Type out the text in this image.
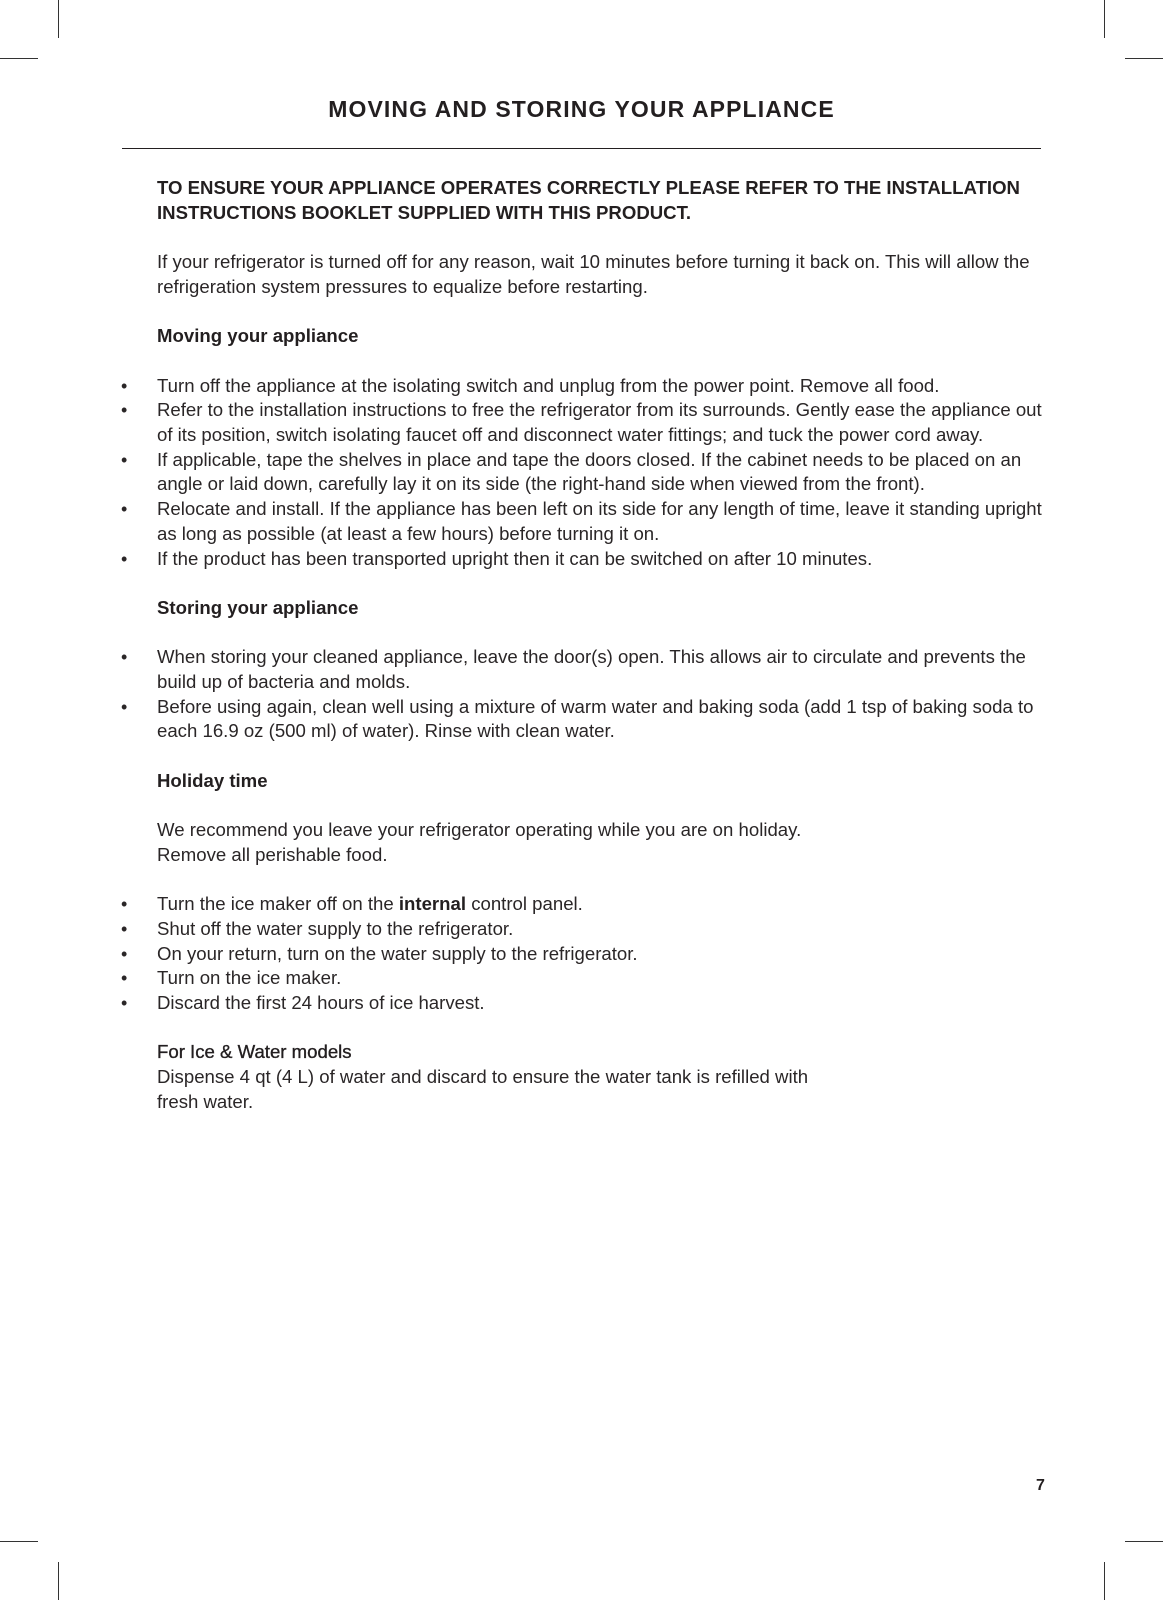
MOVING AND STORING YOUR APPLIANCE

TO ENSURE YOUR APPLIANCE OPERATES CORRECTLY PLEASE REFER TO THE INSTALLATION INSTRUCTIONS BOOKLET SUPPLIED WITH THIS PRODUCT.

If your refrigerator is turned off for any reason, wait 10 minutes before turning it back on. This will allow the refrigeration system pressures to equalize before restarting.

Moving your appliance

• Turn off the appliance at the isolating switch and unplug from the power point. Remove all food.
• Refer to the installation instructions to free the refrigerator from its surrounds. Gently ease the appliance out of its position, switch isolating faucet off and disconnect water fittings; and tuck the power cord away.
• If applicable, tape the shelves in place and tape the doors closed. If the cabinet needs to be placed on an angle or laid down, carefully lay it on its side (the right-hand side when viewed from the front).
• Relocate and install. If the appliance has been left on its side for any length of time, leave it standing upright as long as possible (at least a few hours) before turning it on.
• If the product has been transported upright then it can be switched on after 10 minutes.

Storing your appliance

• When storing your cleaned appliance, leave the door(s) open. This allows air to circulate and prevents the build up of bacteria and molds.
• Before using again, clean well using a mixture of warm water and baking soda (add 1 tsp of baking soda to each 16.9 oz (500 ml) of water). Rinse with clean water.

Holiday time

We recommend you leave your refrigerator operating while you are on holiday.

Remove all perishable food.

• Turn the ice maker off on the internal control panel.
• Shut off the water supply to the refrigerator.
• On your return, turn on the water supply to the refrigerator.
• Turn on the ice maker.
• Discard the first 24 hours of ice harvest.

For Ice & Water models

Dispense 4 qt (4 L) of water and discard to ensure the water tank is refilled with

fresh water.

7
